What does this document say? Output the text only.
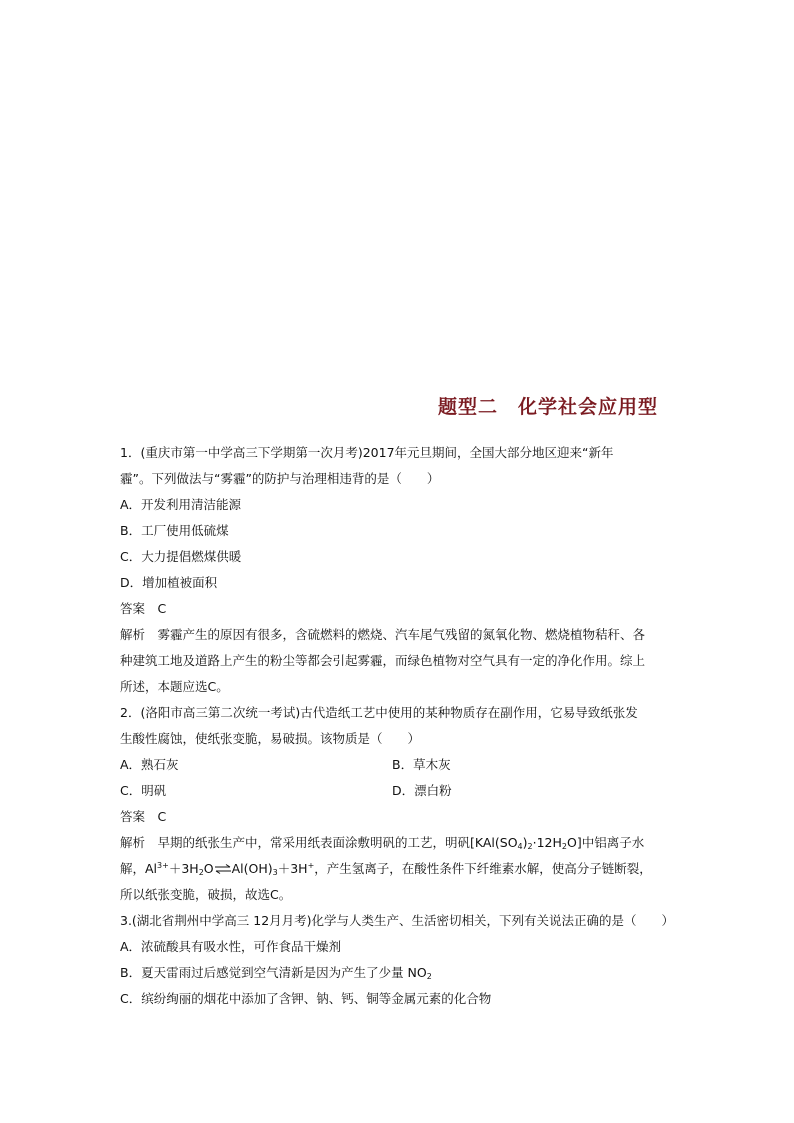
题型二　化学社会应用型
1．(重庆市第一中学高三下学期第一次月考)2017年元旦期间，全国大部分地区迎来“新年
霾”。下列做法与“雾霾”的防护与治理相违背的是（　　）
A．开发利用清洁能源
B．工厂使用低硫煤
C．大力提倡燃煤供暖
D．增加植被面积
答案　C
解析　雾霾产生的原因有很多，含硫燃料的燃烧、汽车尾气残留的氮氧化物、燃烧植物秸秆、各
种建筑工地及道路上产生的粉尘等都会引起雾霾，而绿色植物对空气具有一定的净化作用。综上
所述，本题应选C。
2．(洛阳市高三第二次统一考试)古代造纸工艺中使用的某种物质存在副作用，它易导致纸张发
生酸性腐蚀，使纸张变脆，易破损。该物质是（　　）
A．熟石灰	B．草木灰
C．明矾	D．漂白粉
答案　C
解析　早期的纸张生产中，常采用纸表面涂敷明矾的工艺，明矾$[KAl(SO_4)_2\cdot 12H_2O]$中铝离子水
解，$Al^{3+}+3H_2O\rightleftharpoons Al(OH)_3+3H^+$，产生氢离子，在酸性条件下纤维素水解，使高分子链断裂，
所以纸张变脆，破损，故选C。
3.(湖北省荆州中学高三 12月月考)化学与人类生产、生活密切相关，下列有关说法正确的是（　　）
A．浓硫酸具有吸水性，可作食品干燥剂
B．夏天雷雨过后感觉到空气清新是因为产生了少量 $NO_2$
C．缤纷绚丽的烟花中添加了含钾、钠、钙、铜等金属元素的化合物
